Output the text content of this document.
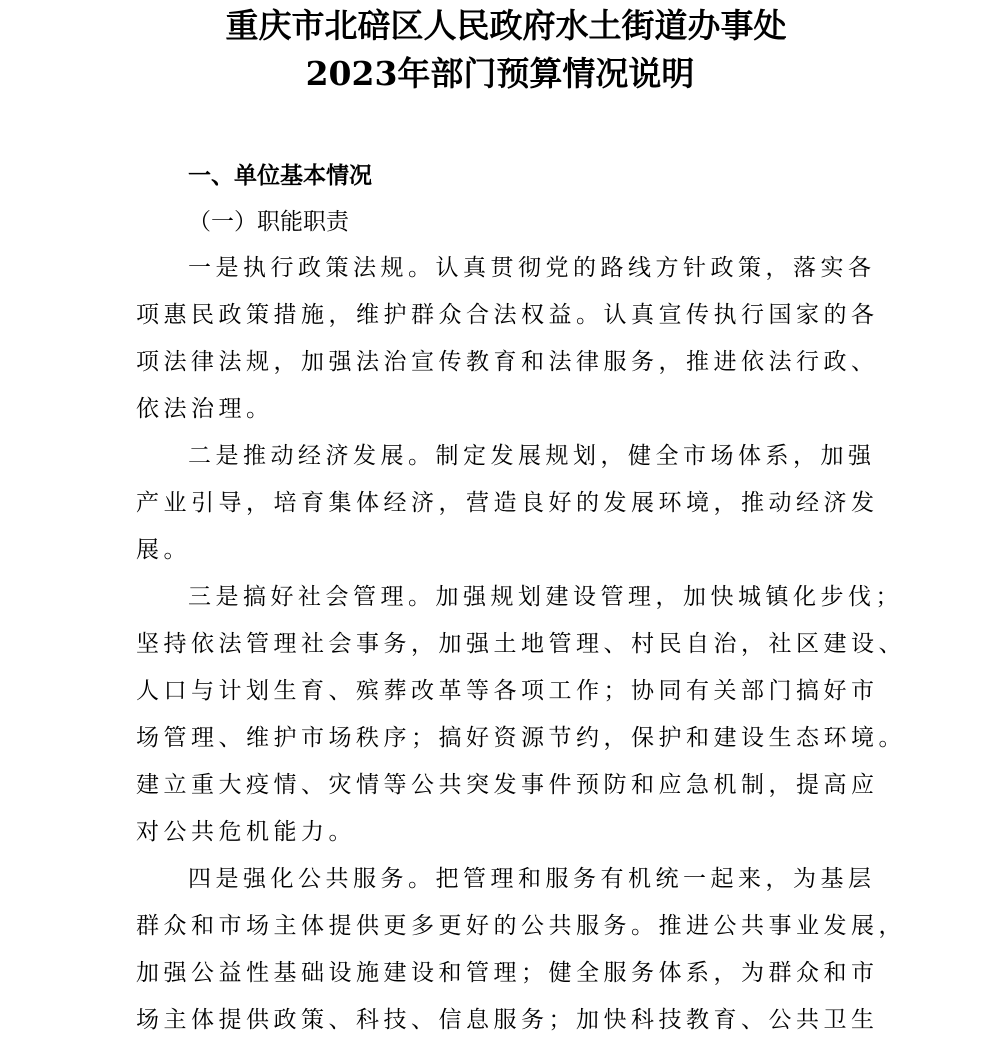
重庆市北碚区人民政府水土街道办事处
2023年部门预算情况说明
一、单位基本情况
（一）职能职责
一是执行政策法规。认真贯彻党的路线方针政策，落实各
项惠民政策措施，维护群众合法权益。认真宣传执行国家的各
项法律法规，加强法治宣传教育和法律服务，推进依法行政、
依法治理。
二是推动经济发展。制定发展规划，健全市场体系，加强
产业引导，培育集体经济，营造良好的发展环境，推动经济发
展。
三是搞好社会管理。加强规划建设管理，加快城镇化步伐；
坚持依法管理社会事务，加强土地管理、村民自治，社区建设、
人口与计划生育、殡葬改革等各项工作；协同有关部门搞好市
场管理、维护市场秩序；搞好资源节约，保护和建设生态环境。
建立重大疫情、灾情等公共突发事件预防和应急机制，提高应
对公共危机能力。
四是强化公共服务。把管理和服务有机统一起来，为基层
群众和市场主体提供更多更好的公共服务。推进公共事业发展，
加强公益性基础设施建设和管理；健全服务体系，为群众和市
场主体提供政策、科技、信息服务；加快科技教育、公共卫生
